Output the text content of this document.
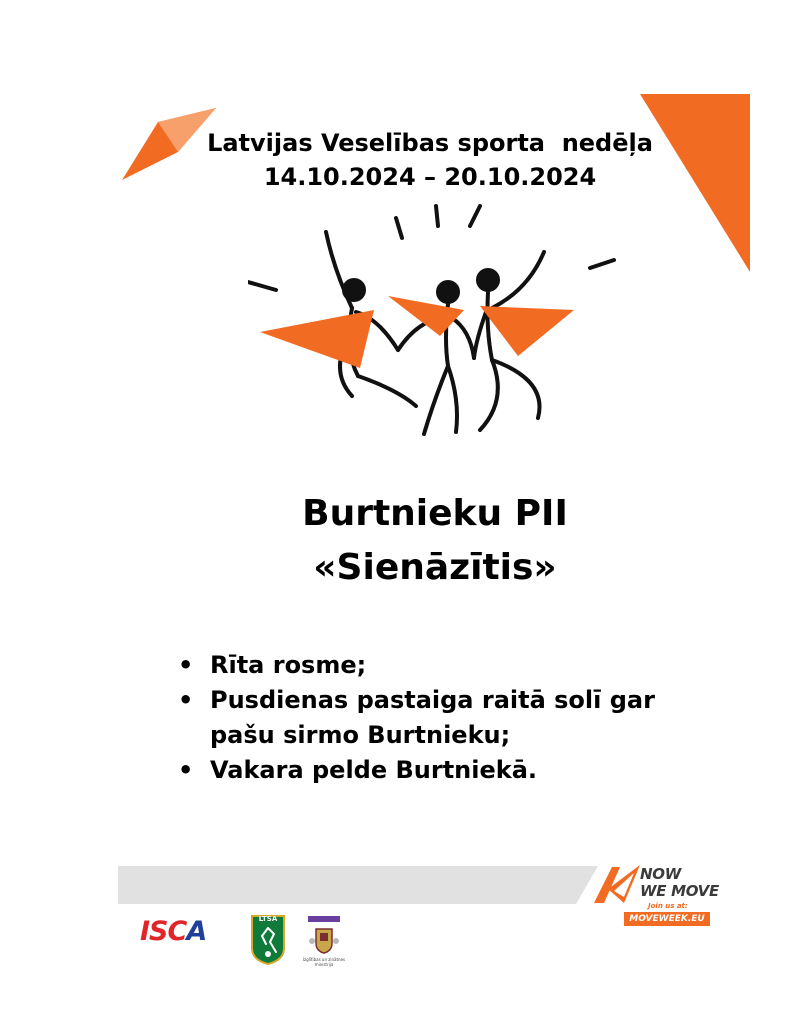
Latvijas Veselības sporta  nedēļa
14.10.2024 – 20.10.2024
Burtnieku PII
«Sienāzītis»
• Rīta rosme;
• Pusdienas pastaiga raitā solī gar pašu sirmo Burtnieku;
• Vakara pelde Burtniekā.
NOW
WE MOVE
Join us at:
MOVEWEEK.EU
ISCA	LTSA
Izglītības un zinātnes ministrija
